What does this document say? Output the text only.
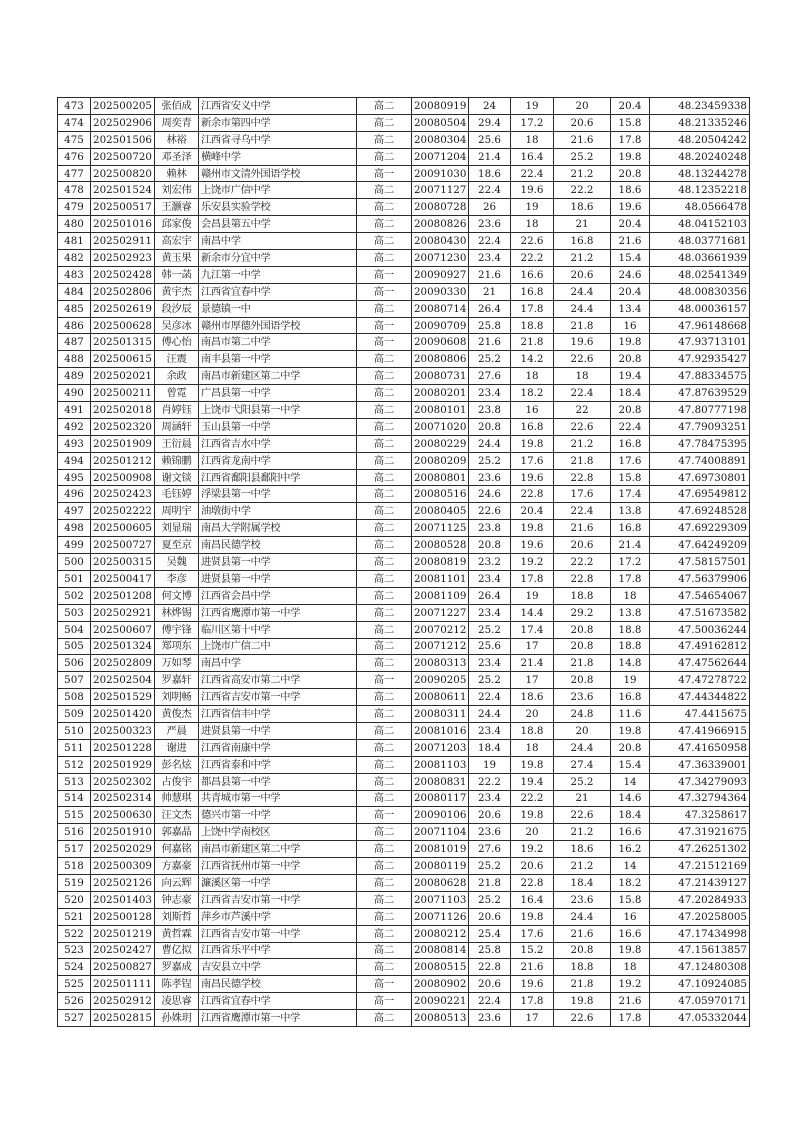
473	202500205	张佰成	江西省安义中学	高二	20080919	24	19	20	20.4	48.23459338
474	202502906	周奕青	新余市第四中学	高二	20080504	29.4	17.2	20.6	15.8	48.21335246
475	202501506	林裕	江西省寻乌中学	高二	20080304	25.6	18	21.6	17.8	48.20504242
476	202500720	邓圣泽	横峰中学	高二	20071204	21.4	16.4	25.2	19.8	48.20240248
477	202500820	赖林	赣州市文清外国语学校	高一	20091030	18.6	22.4	21.2	20.8	48.13244278
478	202501524	刘宏伟	上饶市广信中学	高二	20071127	22.4	19.6	22.2	18.6	48.12352218
479	202500517	王灏睿	乐安县实验学校	高二	20080728	26	19	18.6	19.6	48.0566478
480	202501016	邱家俊	会昌县第五中学	高二	20080826	23.6	18	21	20.4	48.04152103
481	202502911	高宏宇	南昌中学	高二	20080430	22.4	22.6	16.8	21.6	48.03771681
482	202502923	黄玉果	新余市分宜中学	高二	20071230	23.4	22.2	21.2	15.4	48.03661939
483	202502428	韩一菡	九江第一中学	高一	20090927	21.6	16.6	20.6	24.6	48.02541349
484	202502806	黄宇杰	江西省宜春中学	高一	20090330	21	16.8	24.4	20.4	48.00830356
485	202502619	段汐辰	景德镇一中	高二	20080714	26.4	17.8	24.4	13.4	48.00036157
486	202500628	吴彦冰	赣州市厚德外国语学校	高一	20090709	25.8	18.8	21.8	16	47.96148668
487	202501315	傅心怡	南昌市第二中学	高一	20090608	21.6	21.8	19.6	19.8	47.93713101
488	202500615	汪震	南丰县第一中学	高二	20080806	25.2	14.2	22.6	20.8	47.92935427
489	202502021	余政	南昌市新建区第二中学	高二	20080731	27.6	18	18	19.4	47.88334575
490	202500211	曾霓	广昌县第一中学	高二	20080201	23.4	18.2	22.4	18.4	47.87639529
491	202502018	肖婷钰	上饶市弋阳县第一中学	高二	20080101	23.8	16	22	20.8	47.80777198
492	202502320	周涵轩	玉山县第一中学	高二	20071020	20.8	16.8	22.6	22.4	47.79093251
493	202501909	王衍晨	江西省吉水中学	高二	20080229	24.4	19.8	21.2	16.8	47.78475395
494	202501212	赖锦鹏	江西省龙南中学	高二	20080209	25.2	17.6	21.8	17.6	47.74008891
495	202500908	谢文锬	江西省鄱阳县鄱阳中学	高二	20080801	23.6	19.6	22.8	15.8	47.69730801
496	202502423	毛钰婷	浮梁县第一中学	高二	20080516	24.6	22.8	17.6	17.4	47.69549812
497	202502222	周明宇	油墩街中学	高二	20080405	22.6	20.4	22.4	13.8	47.69248528
498	202500605	刘显瑞	南昌大学附属学校	高二	20071125	23.8	19.8	21.6	16.8	47.69229309
499	202500727	夏至京	南昌民德学校	高二	20080528	20.8	19.6	20.6	21.4	47.64249209
500	202500315	吴魏	进贤县第一中学	高二	20080819	23.2	19.2	22.2	17.2	47.58157501
501	202500417	李彦	进贤县第一中学	高二	20081101	23.4	17.8	22.8	17.8	47.56379906
502	202501208	何文博	江西省会昌中学	高二	20081109	26.4	19	18.8	18	47.54654067
503	202502921	林烨锡	江西省鹰潭市第一中学	高二	20071227	23.4	14.4	29.2	13.8	47.51673582
504	202500607	傅宇锋	临川区第十中学	高二	20070212	25.2	17.4	20.8	18.8	47.50036244
505	202501324	郑项东	上饶市广信二中	高二	20071212	25.6	17	20.8	18.8	47.49162812
506	202502809	万如琴	南昌中学	高二	20080313	23.4	21.4	21.8	14.8	47.47562644
507	202502504	罗嘉轩	江西省高安市第二中学	高一	20090205	25.2	17	20.8	19	47.47278722
508	202501529	刘明畅	江西省吉安市第一中学	高二	20080611	22.4	18.6	23.6	16.8	47.44344822
509	202501420	黄俊杰	江西省信丰中学	高二	20080311	24.4	20	24.8	11.6	47.4415675
510	202500323	严晨	进贤县第一中学	高二	20081016	23.4	18.8	20	19.8	47.41966915
511	202501228	谢进	江西省南康中学	高二	20071203	18.4	18	24.4	20.8	47.41650958
512	202501929	彭名炫	江西省泰和中学	高二	20081103	19	19.8	27.4	15.4	47.36339001
513	202502302	占俊宇	都昌县第一中学	高二	20080831	22.2	19.4	25.2	14	47.34279093
514	202502314	帅慧琪	共青城市第一中学	高二	20080117	23.4	22.2	21	14.6	47.32794364
515	202500630	汪文杰	德兴市第一中学	高一	20090106	20.6	19.8	22.6	18.4	47.3258617
516	202501910	郭嘉晶	上饶中学南校区	高二	20071104	23.6	20	21.2	16.6	47.31921675
517	202502029	何嘉铭	南昌市新建区第二中学	高二	20081019	27.6	19.2	18.6	16.2	47.26251302
518	202500309	方嘉豪	江西省抚州市第一中学	高二	20080119	25.2	20.6	21.2	14	47.21512169
519	202502126	向云辉	濂溪区第一中学	高二	20080628	21.8	22.8	18.4	18.2	47.21439127
520	202501403	钟志豪	江西省吉安市第一中学	高二	20071103	25.2	16.4	23.6	15.8	47.20284933
521	202500128	刘斯哲	萍乡市芦溪中学	高二	20071126	20.6	19.8	24.4	16	47.20258005
522	202501219	黄哲霖	江西省吉安市第一中学	高二	20080212	25.4	17.6	21.6	16.6	47.17434998
523	202502427	曹亿拟	江西省乐平中学	高二	20080814	25.8	15.2	20.8	19.8	47.15613857
524	202500827	罗嘉成	吉安县立中学	高二	20080515	22.8	21.6	18.8	18	47.12480308
525	202501111	陈孝锃	南昌民德学校	高一	20080902	20.6	19.6	21.8	19.2	47.10924085
526	202502912	凌思睿	江西省宜春中学	高一	20090221	22.4	17.8	19.8	21.6	47.05970171
527	202502815	孙姝玥	江西省鹰潭市第一中学	高二	20080513	23.6	17	22.6	17.8	47.05332044
